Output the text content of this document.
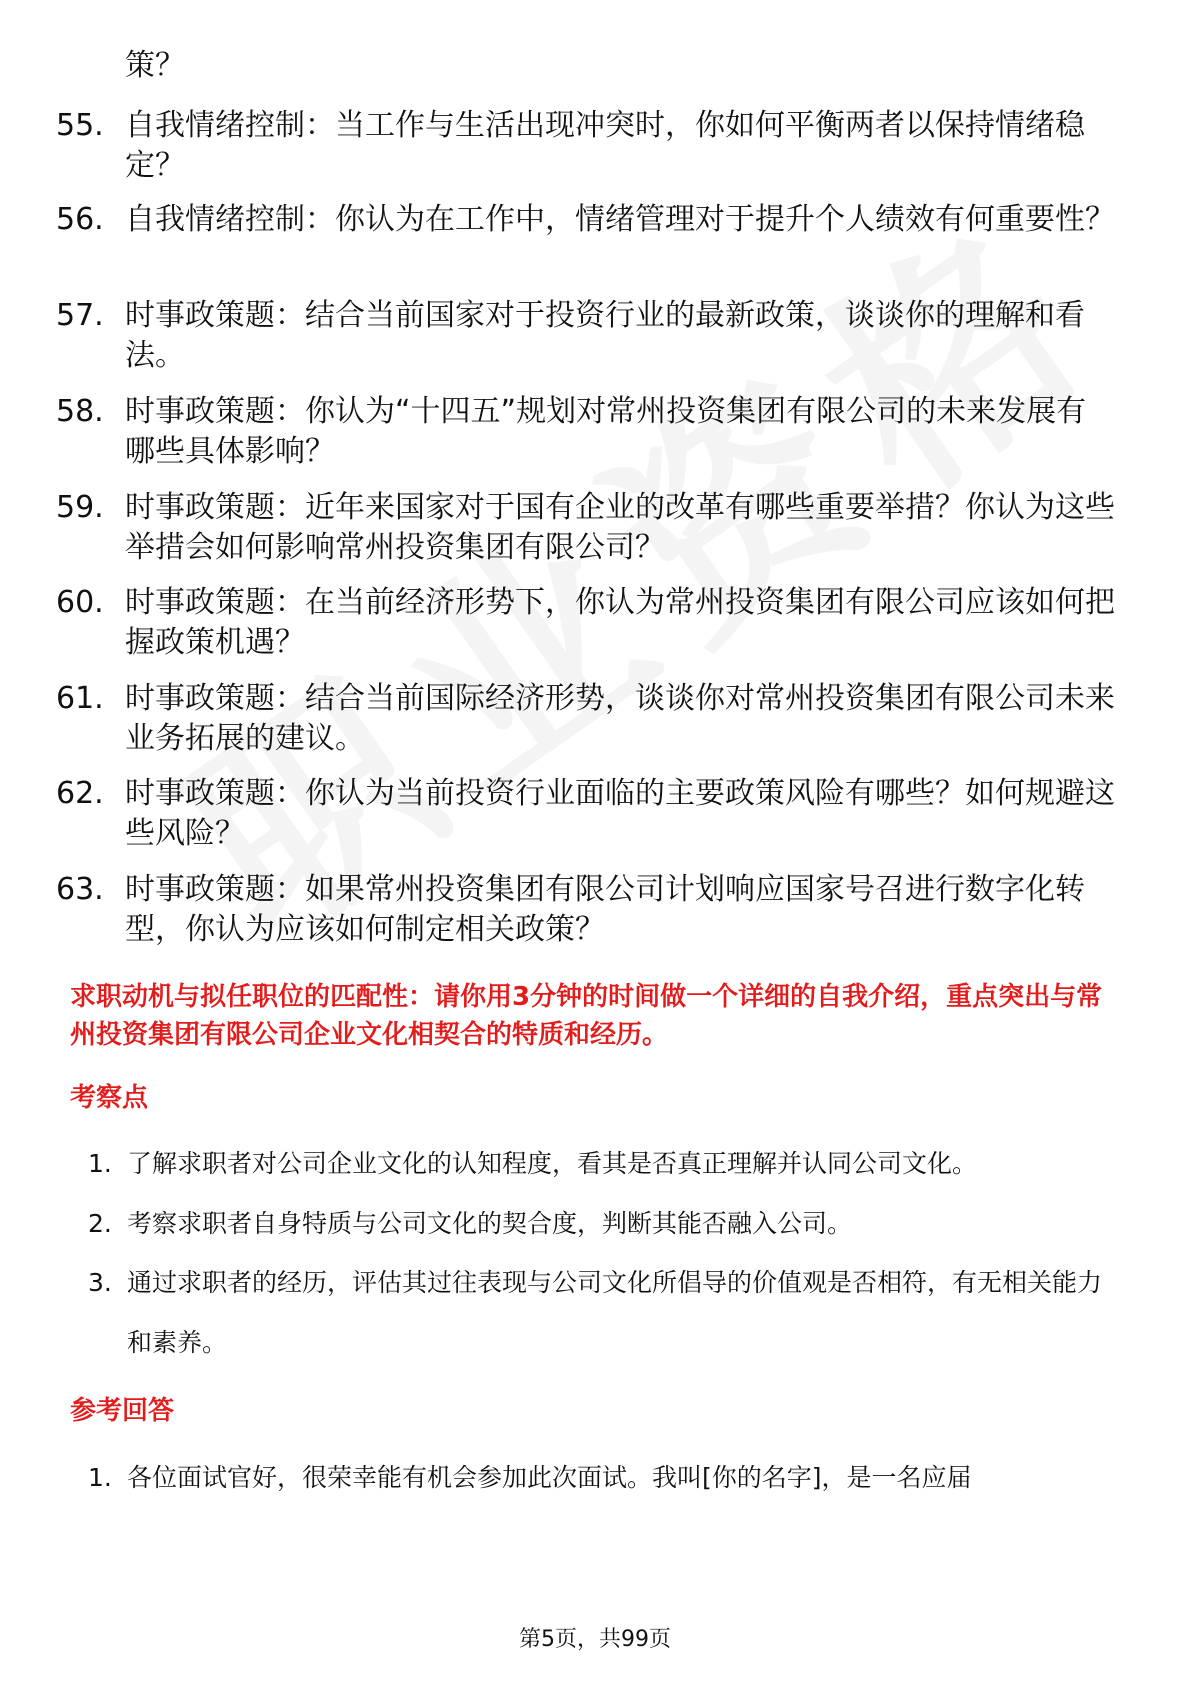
策？
55. 自我情绪控制：当工作与生活出现冲突时，你如何平衡两者以保持情绪稳定？
56. 自我情绪控制：你认为在工作中，情绪管理对于提升个人绩效有何重要性？
57. 时事政策题：结合当前国家对于投资行业的最新政策，谈谈你的理解和看法。
58. 时事政策题：你认为“十四五”规划对常州投资集团有限公司的未来发展有哪些具体影响？
59. 时事政策题：近年来国家对于国有企业的改革有哪些重要举措？你认为这些举措会如何影响常州投资集团有限公司？
60. 时事政策题：在当前经济形势下，你认为常州投资集团有限公司应该如何把握政策机遇？
61. 时事政策题：结合当前国际经济形势，谈谈你对常州投资集团有限公司未来业务拓展的建议。
62. 时事政策题：你认为当前投资行业面临的主要政策风险有哪些？如何规避这些风险？
63. 时事政策题：如果常州投资集团有限公司计划响应国家号召进行数字化转型，你认为应该如何制定相关政策？
求职动机与拟任职位的匹配性：请你用3分钟的时间做一个详细的自我介绍，重点突出与常州投资集团有限公司企业文化相契合的特质和经历。
考察点
1. 了解求职者对公司企业文化的认知程度，看其是否真正理解并认同公司文化。
2. 考察求职者自身特质与公司文化的契合度，判断其能否融入公司。
3. 通过求职者的经历，评估其过往表现与公司文化所倡导的价值观是否相符，有无相关能力和素养。
参考回答
1. 各位面试官好，很荣幸能有机会参加此次面试。我叫[你的名字]，是一名应届
第5页，共99页
